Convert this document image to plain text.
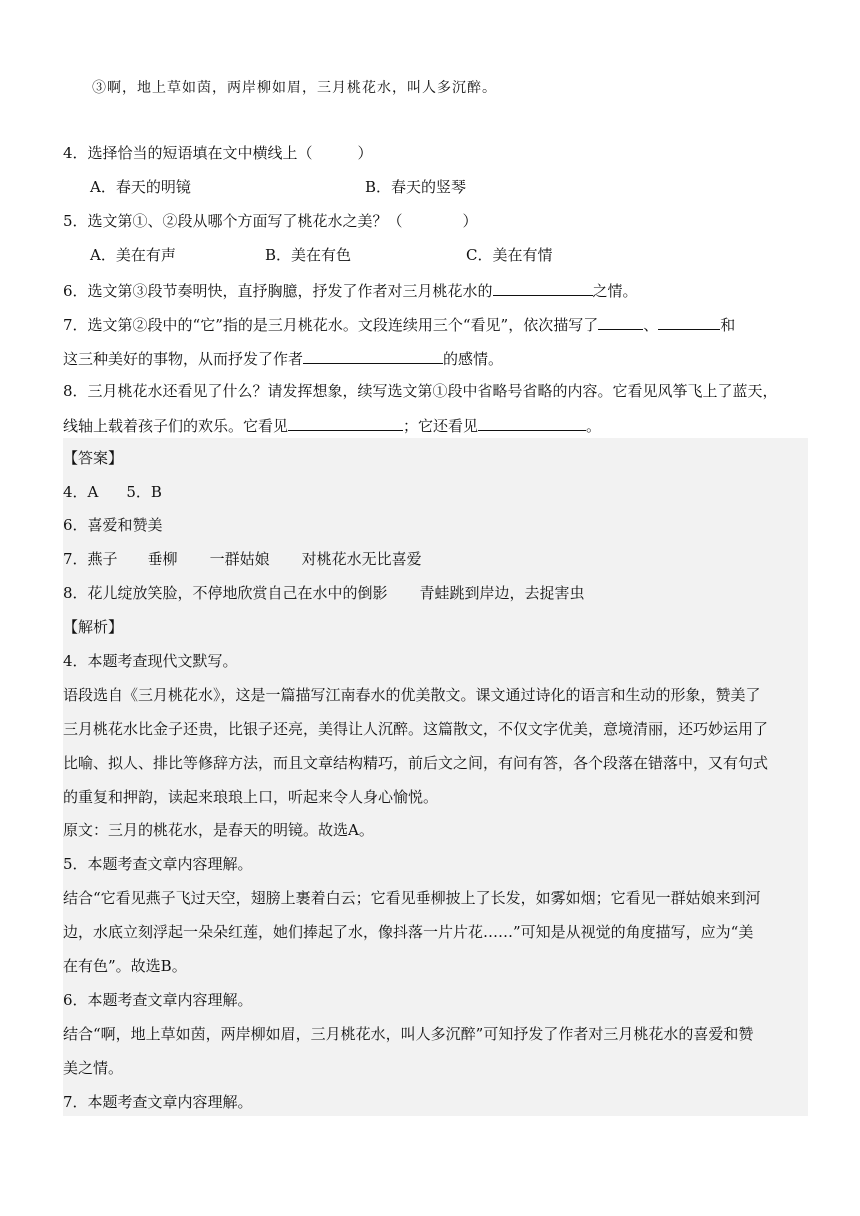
③啊，地上草如茵，两岸柳如眉，三月桃花水，叫人多沉醉。
4．选择恰当的短语填在文中横线上（　　　）
A．春天的明镜	B．春天的竖琴
5．选文第①、②段从哪个方面写了桃花水之美？（　　　　）
A．美在有声	B．美在有色	C．美在有情
6．选文第③段节奏明快，直抒胸臆，抒发了作者对三月桃花水的	之情。
7．选文第②段中的“它”指的是三月桃花水。文段连续用三个“看见”，依次描写了	、	和
这三种美好的事物，从而抒发了作者	的感情。
8．三月桃花水还看见了什么？请发挥想象，续写选文第①段中省略号省略的内容。它看见风筝飞上了蓝天，
线轴上载着孩子们的欢乐。它看见	；它还看见	。
【答案】
4．A 5．B
6．喜爱和赞美
7．燕子 垂柳 一群姑娘 对桃花水无比喜爱
8．花儿绽放笑脸，不停地欣赏自己在水中的倒影 青蛙跳到岸边，去捉害虫
【解析】
4．本题考查现代文默写。
语段选自《三月桃花水》，这是一篇描写江南春水的优美散文。课文通过诗化的语言和生动的形象，赞美了
三月桃花水比金子还贵，比银子还亮，美得让人沉醉。这篇散文，不仅文字优美，意境清丽，还巧妙运用了
比喻、拟人、排比等修辞方法，而且文章结构精巧，前后文之间，有问有答，各个段落在错落中，又有句式
的重复和押韵，读起来琅琅上口，听起来令人身心愉悦。
原文：三月的桃花水，是春天的明镜。故选A。
5．本题考查文章内容理解。
结合“它看见燕子飞过天空，翅膀上裹着白云；它看见垂柳披上了长发，如雾如烟；它看见一群姑娘来到河
边，水底立刻浮起一朵朵红莲，她们捧起了水，像抖落一片片花……”可知是从视觉的角度描写，应为“美
在有色”。故选B。
6．本题考查文章内容理解。
结合“啊，地上草如茵，两岸柳如眉，三月桃花水，叫人多沉醉”可知抒发了作者对三月桃花水的喜爱和赞
美之情。
7．本题考查文章内容理解。
